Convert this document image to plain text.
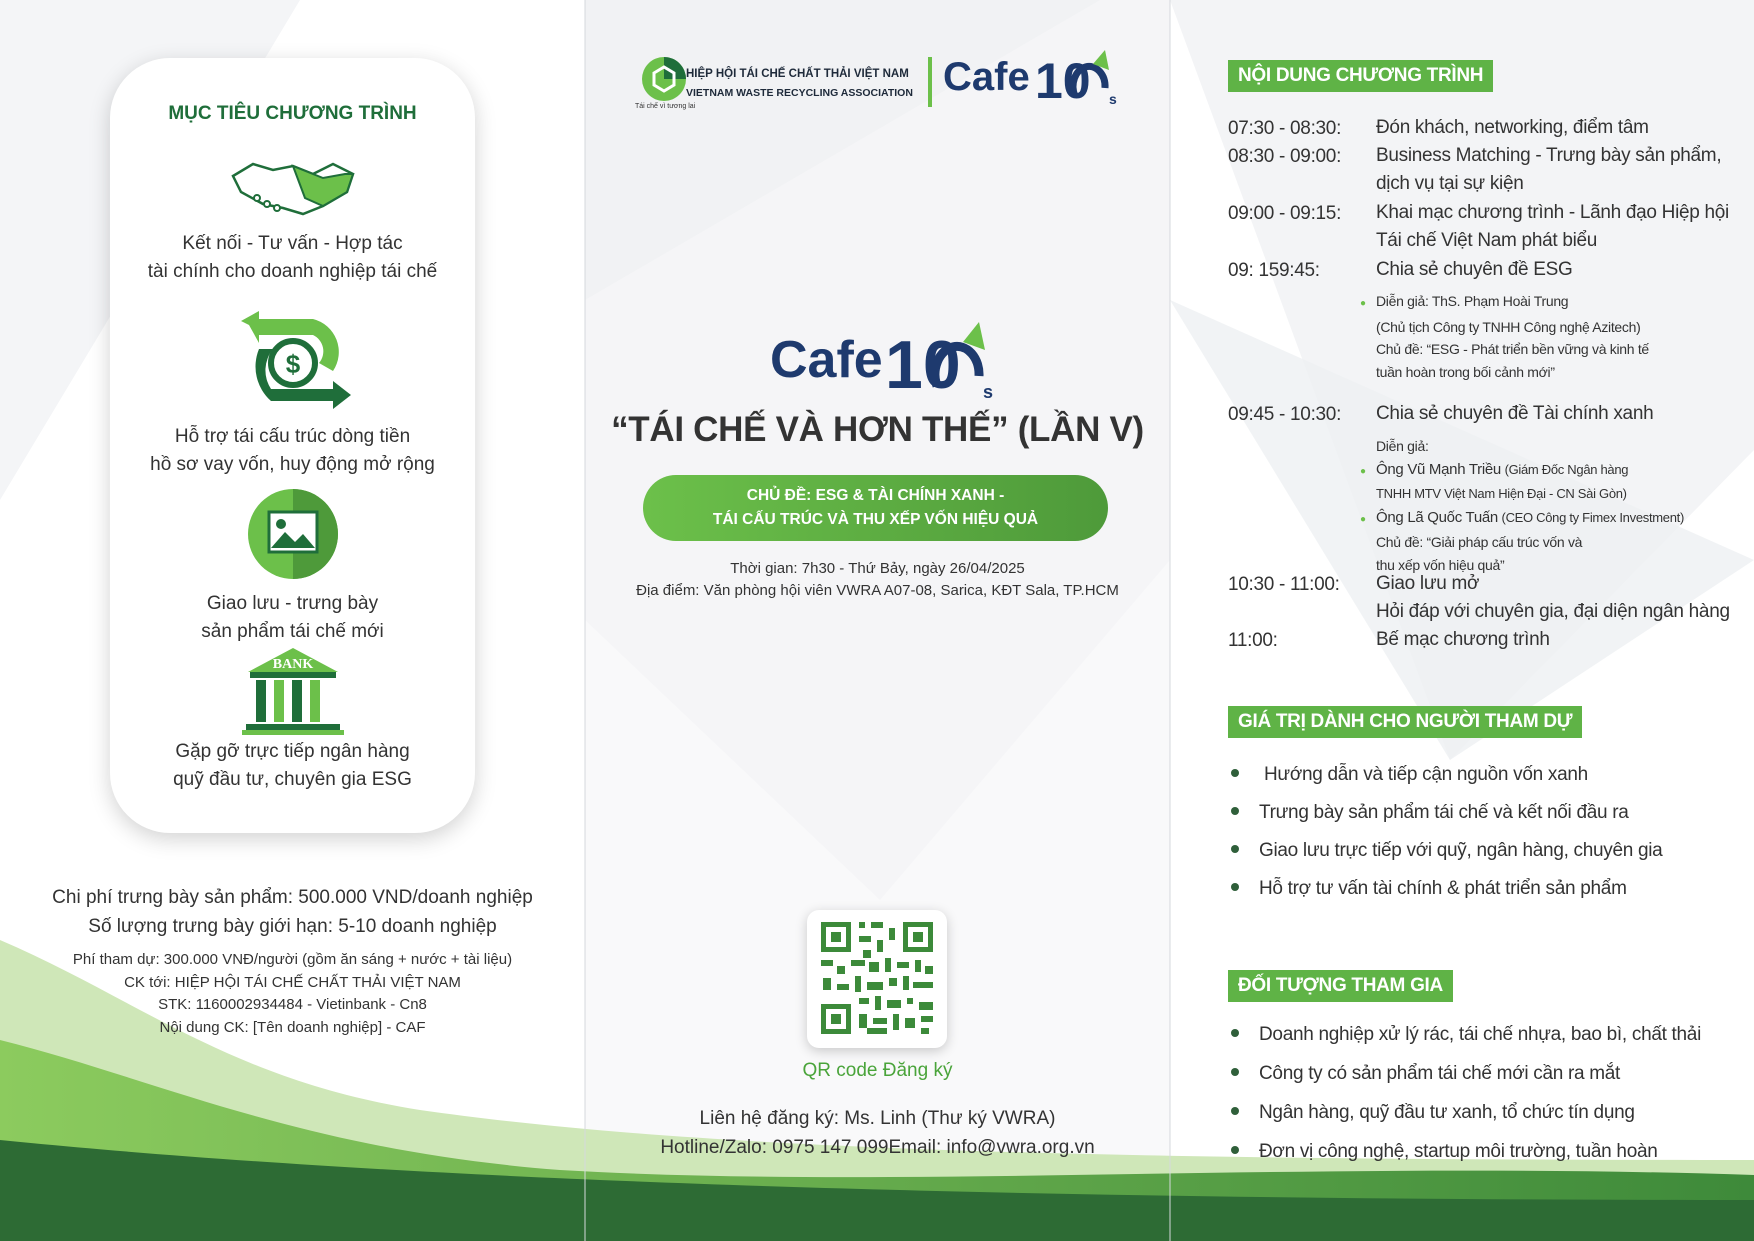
MỤC TIÊU CHƯƠNG TRÌNH
Kết nối - Tư vấn - Hợp tác
tài chính cho doanh nghiệp tái chế
$
Hỗ trợ tái cấu trúc dòng tiền
hồ sơ vay vốn, huy động mở rộng
Giao lưu - trưng bày
sản phẩm tái chế mới
BANK
Gặp gỡ trực tiếp ngân hàng
quỹ đầu tư, chuyên gia ESG
Chi phí trưng bày sản phẩm: 500.000 VND/doanh nghiệp
Số lượng trưng bày giới hạn: 5-10 doanh nghiệp
Phí tham dự: 300.000 VNĐ/người (gồm ăn sáng + nước + tài liệu)
CK tới: HIỆP HỘI TÁI CHẾ CHẤT THẢI VIỆT NAM
STK: 1160002934484 - Vietinbank - Cn8
Nội dung CK: [Tên doanh nghiệp] - CAF
HIỆP HỘI TÁI CHẾ CHẤT THẢI VIỆT NAM
VIETNAM WASTE RECYCLING ASSOCIATION
Tái chế vì tương lai
Cafe 10 s
Cafe 10 s
“TÁI CHẾ VÀ HƠN THẾ” (LẦN V)
CHỦ ĐỀ: ESG & TÀI CHÍNH XANH -
TÁI CẤU TRÚC VÀ THU XẾP VỐN HIỆU QUẢ
Thời gian: 7h30 - Thứ Bảy, ngày 26/04/2025
Địa điểm: Văn phòng hội viên VWRA A07-08, Sarica, KĐT Sala, TP.HCM
QR code Đăng ký
Liên hệ đăng ký: Ms. Linh (Thư ký VWRA)
Hotline/Zalo: 0975 147 099Email: info@vwra.org.vn
NỘI DUNG CHƯƠNG TRÌNH
07:30 - 08:30: Đón khách, networking, điểm tâm
08:30 - 09:00: Business Matching - Trưng bày sản phẩm, dịch vụ tại sự kiện
09:00 - 09:15: Khai mạc chương trình - Lãnh đạo Hiệp hội Tái chế Việt Nam phát biểu
09: 159:45:	Chia sẻ chuyên đề ESG
09:45 - 10:30: Chia sẻ chuyên đề Tài chính xanh
10:30 - 11:00: Giao lưu mở
Hỏi đáp với chuyên gia, đại diện ngân hàng
11:00:	Bế mạc chương trình
● Diễn giả: ThS. Phạm Hoài Trung
(Chủ tịch Công ty TNHH Công nghệ Azitech)
Chủ đề: “ESG - Phát triển bền vững và kinh tế
tuần hoàn trong bối cảnh mới”
Diễn giả:
● Ông Vũ Mạnh Triều (Giám Đốc Ngân hàng
TNHH MTV Việt Nam Hiện Đại - CN Sài Gòn)
● Ông Lã Quốc Tuấn (CEO Công ty Fimex Investment)
Chủ đề: “Giải pháp cấu trúc vốn và
thu xếp vốn hiệu quả”
GIÁ TRỊ DÀNH CHO NGƯỜI THAM DỰ
Hướng dẫn và tiếp cận nguồn vốn xanh
Trưng bày sản phẩm tái chế và kết nối đầu ra
Giao lưu trực tiếp với quỹ, ngân hàng, chuyên gia
Hỗ trợ tư vấn tài chính & phát triển sản phẩm
ĐỐI TƯỢNG THAM GIA
Doanh nghiệp xử lý rác, tái chế nhựa, bao bì, chất thải
Công ty có sản phẩm tái chế mới cần ra mắt
Ngân hàng, quỹ đầu tư xanh, tổ chức tín dụng
Đơn vị công nghệ, startup môi trường, tuần hoàn
